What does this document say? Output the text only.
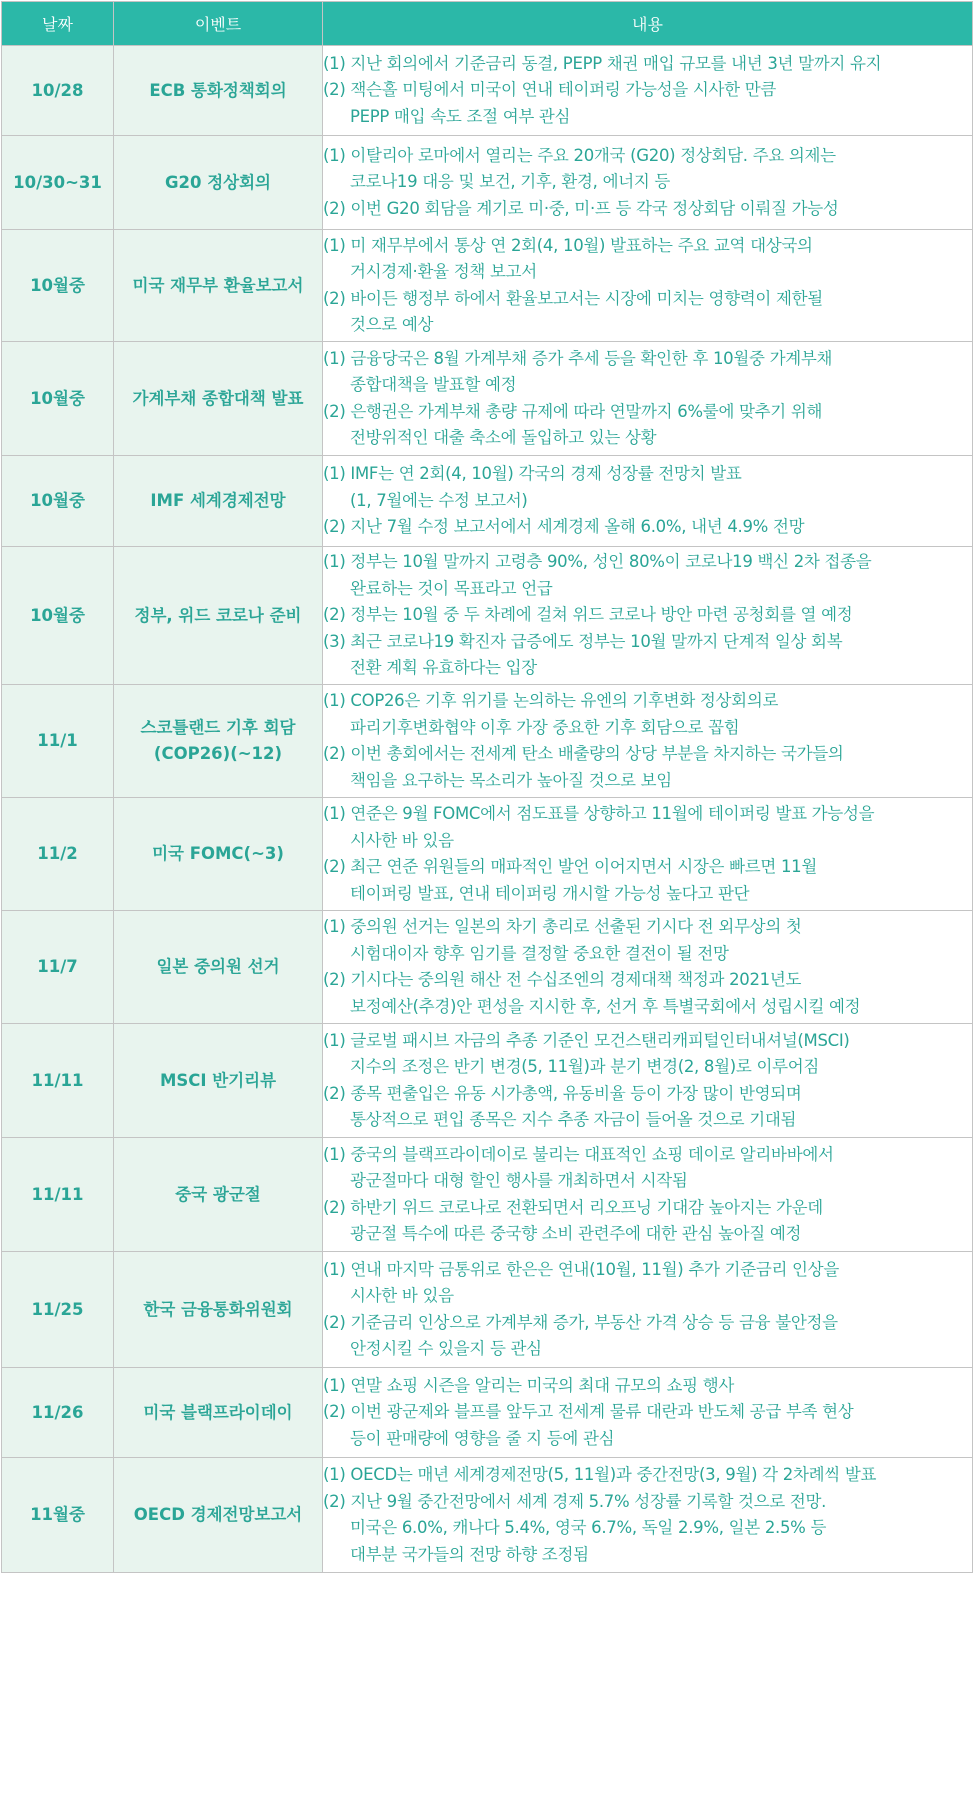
날짜	이벤트	내용
10/28	ECB 통화정책회의	(1) 지난 회의에서 기준금리 동결, PEPP 채권 매입 규모를 내년 3년 말까지 유지
(2) 잭슨홀 미팅에서 미국이 연내 테이퍼링 가능성을 시사한 만큼
PEPP 매입 속도 조절 여부 관심

10/30~31	G20 정상회의	(1) 이탈리아 로마에서 열리는 주요 20개국 (G20) 정상회담. 주요 의제는
코로나19 대응 및 보건, 기후, 환경, 에너지 등
(2) 이번 G20 회담을 계기로 미·중, 미·프 등 각국 정상회담 이뤄질 가능성

10월중	미국 재무부 환율보고서	(1) 미 재무부에서 통상 연 2회(4, 10월) 발표하는 주요 교역 대상국의
거시경제·환율 정책 보고서
(2) 바이든 행정부 하에서 환율보고서는 시장에 미치는 영향력이 제한될
것으로 예상

10월중	가계부채 종합대책 발표	(1) 금융당국은 8월 가계부채 증가 추세 등을 확인한 후 10월중 가계부채
종합대책을 발표할 예정
(2) 은행권은 가계부채 총량 규제에 따라 연말까지 6%룰에 맞추기 위해
전방위적인 대출 축소에 돌입하고 있는 상황

10월중	IMF 세계경제전망	(1) IMF는 연 2회(4, 10월) 각국의 경제 성장률 전망치 발표
(1, 7월에는 수정 보고서)
(2) 지난 7월 수정 보고서에서 세계경제 올해 6.0%, 내년 4.9% 전망

10월중	정부, 위드 코로나 준비	(1) 정부는 10월 말까지 고령층 90%, 성인 80%이 코로나19 백신 2차 접종을
완료하는 것이 목표라고 언급
(2) 정부는 10월 중 두 차례에 걸쳐 위드 코로나 방안 마련 공청회를 열 예정
(3) 최근 코로나19 확진자 급증에도 정부는 10월 말까지 단계적 일상 회복
전환 계획 유효하다는 입장

11/1	스코틀랜드 기후 회담
(COP26)(~12)	(1) COP26은 기후 위기를 논의하는 유엔의 기후변화 정상회의로
파리기후변화협약 이후 가장 중요한 기후 회담으로 꼽힘
(2) 이번 총회에서는 전세계 탄소 배출량의 상당 부분을 차지하는 국가들의
책임을 요구하는 목소리가 높아질 것으로 보임

11/2	미국 FOMC(~3)	(1) 연준은 9월 FOMC에서 점도표를 상향하고 11월에 테이퍼링 발표 가능성을
시사한 바 있음
(2) 최근 연준 위원들의 매파적인 발언 이어지면서 시장은 빠르면 11월
테이퍼링 발표, 연내 테이퍼링 개시할 가능성 높다고 판단

11/7	일본 중의원 선거	(1) 중의원 선거는 일본의 차기 총리로 선출된 기시다 전 외무상의 첫
시험대이자 향후 임기를 결정할 중요한 결전이 될 전망
(2) 기시다는 중의원 해산 전 수십조엔의 경제대책 책정과 2021년도
보정예산(추경)안 편성을 지시한 후, 선거 후 특별국회에서 성립시킬 예정

11/11	MSCI 반기리뷰	(1) 글로벌 패시브 자금의 추종 기준인 모건스탠리캐피털인터내셔널(MSCI)
지수의 조정은 반기 변경(5, 11월)과 분기 변경(2, 8월)로 이루어짐
(2) 종목 편출입은 유동 시가총액, 유동비율 등이 가장 많이 반영되며
통상적으로 편입 종목은 지수 추종 자금이 들어올 것으로 기대됨

11/11	중국 광군절	(1) 중국의 블랙프라이데이로 불리는 대표적인 쇼핑 데이로 알리바바에서
광군절마다 대형 할인 행사를 개최하면서 시작됨
(2) 하반기 위드 코로나로 전환되면서 리오프닝 기대감 높아지는 가운데
광군절 특수에 따른 중국향 소비 관련주에 대한 관심 높아질 예정

11/25	한국 금융통화위원회	(1) 연내 마지막 금통위로 한은은 연내(10월, 11월) 추가 기준금리 인상을
시사한 바 있음
(2) 기준금리 인상으로 가계부채 증가, 부동산 가격 상승 등 금융 불안정을
안정시킬 수 있을지 등 관심

11/26	미국 블랙프라이데이	(1) 연말 쇼핑 시즌을 알리는 미국의 최대 규모의 쇼핑 행사
(2) 이번 광군제와 블프를 앞두고 전세계 물류 대란과 반도체 공급 부족 현상
등이 판매량에 영향을 줄 지 등에 관심

11월중	OECD 경제전망보고서	(1) OECD는 매년 세계경제전망(5, 11월)과 중간전망(3, 9월) 각 2차례씩 발표
(2) 지난 9월 중간전망에서 세계 경제 5.7% 성장률 기록할 것으로 전망.
미국은 6.0%, 캐나다 5.4%, 영국 6.7%, 독일 2.9%, 일본 2.5% 등
대부분 국가들의 전망 하향 조정됨
